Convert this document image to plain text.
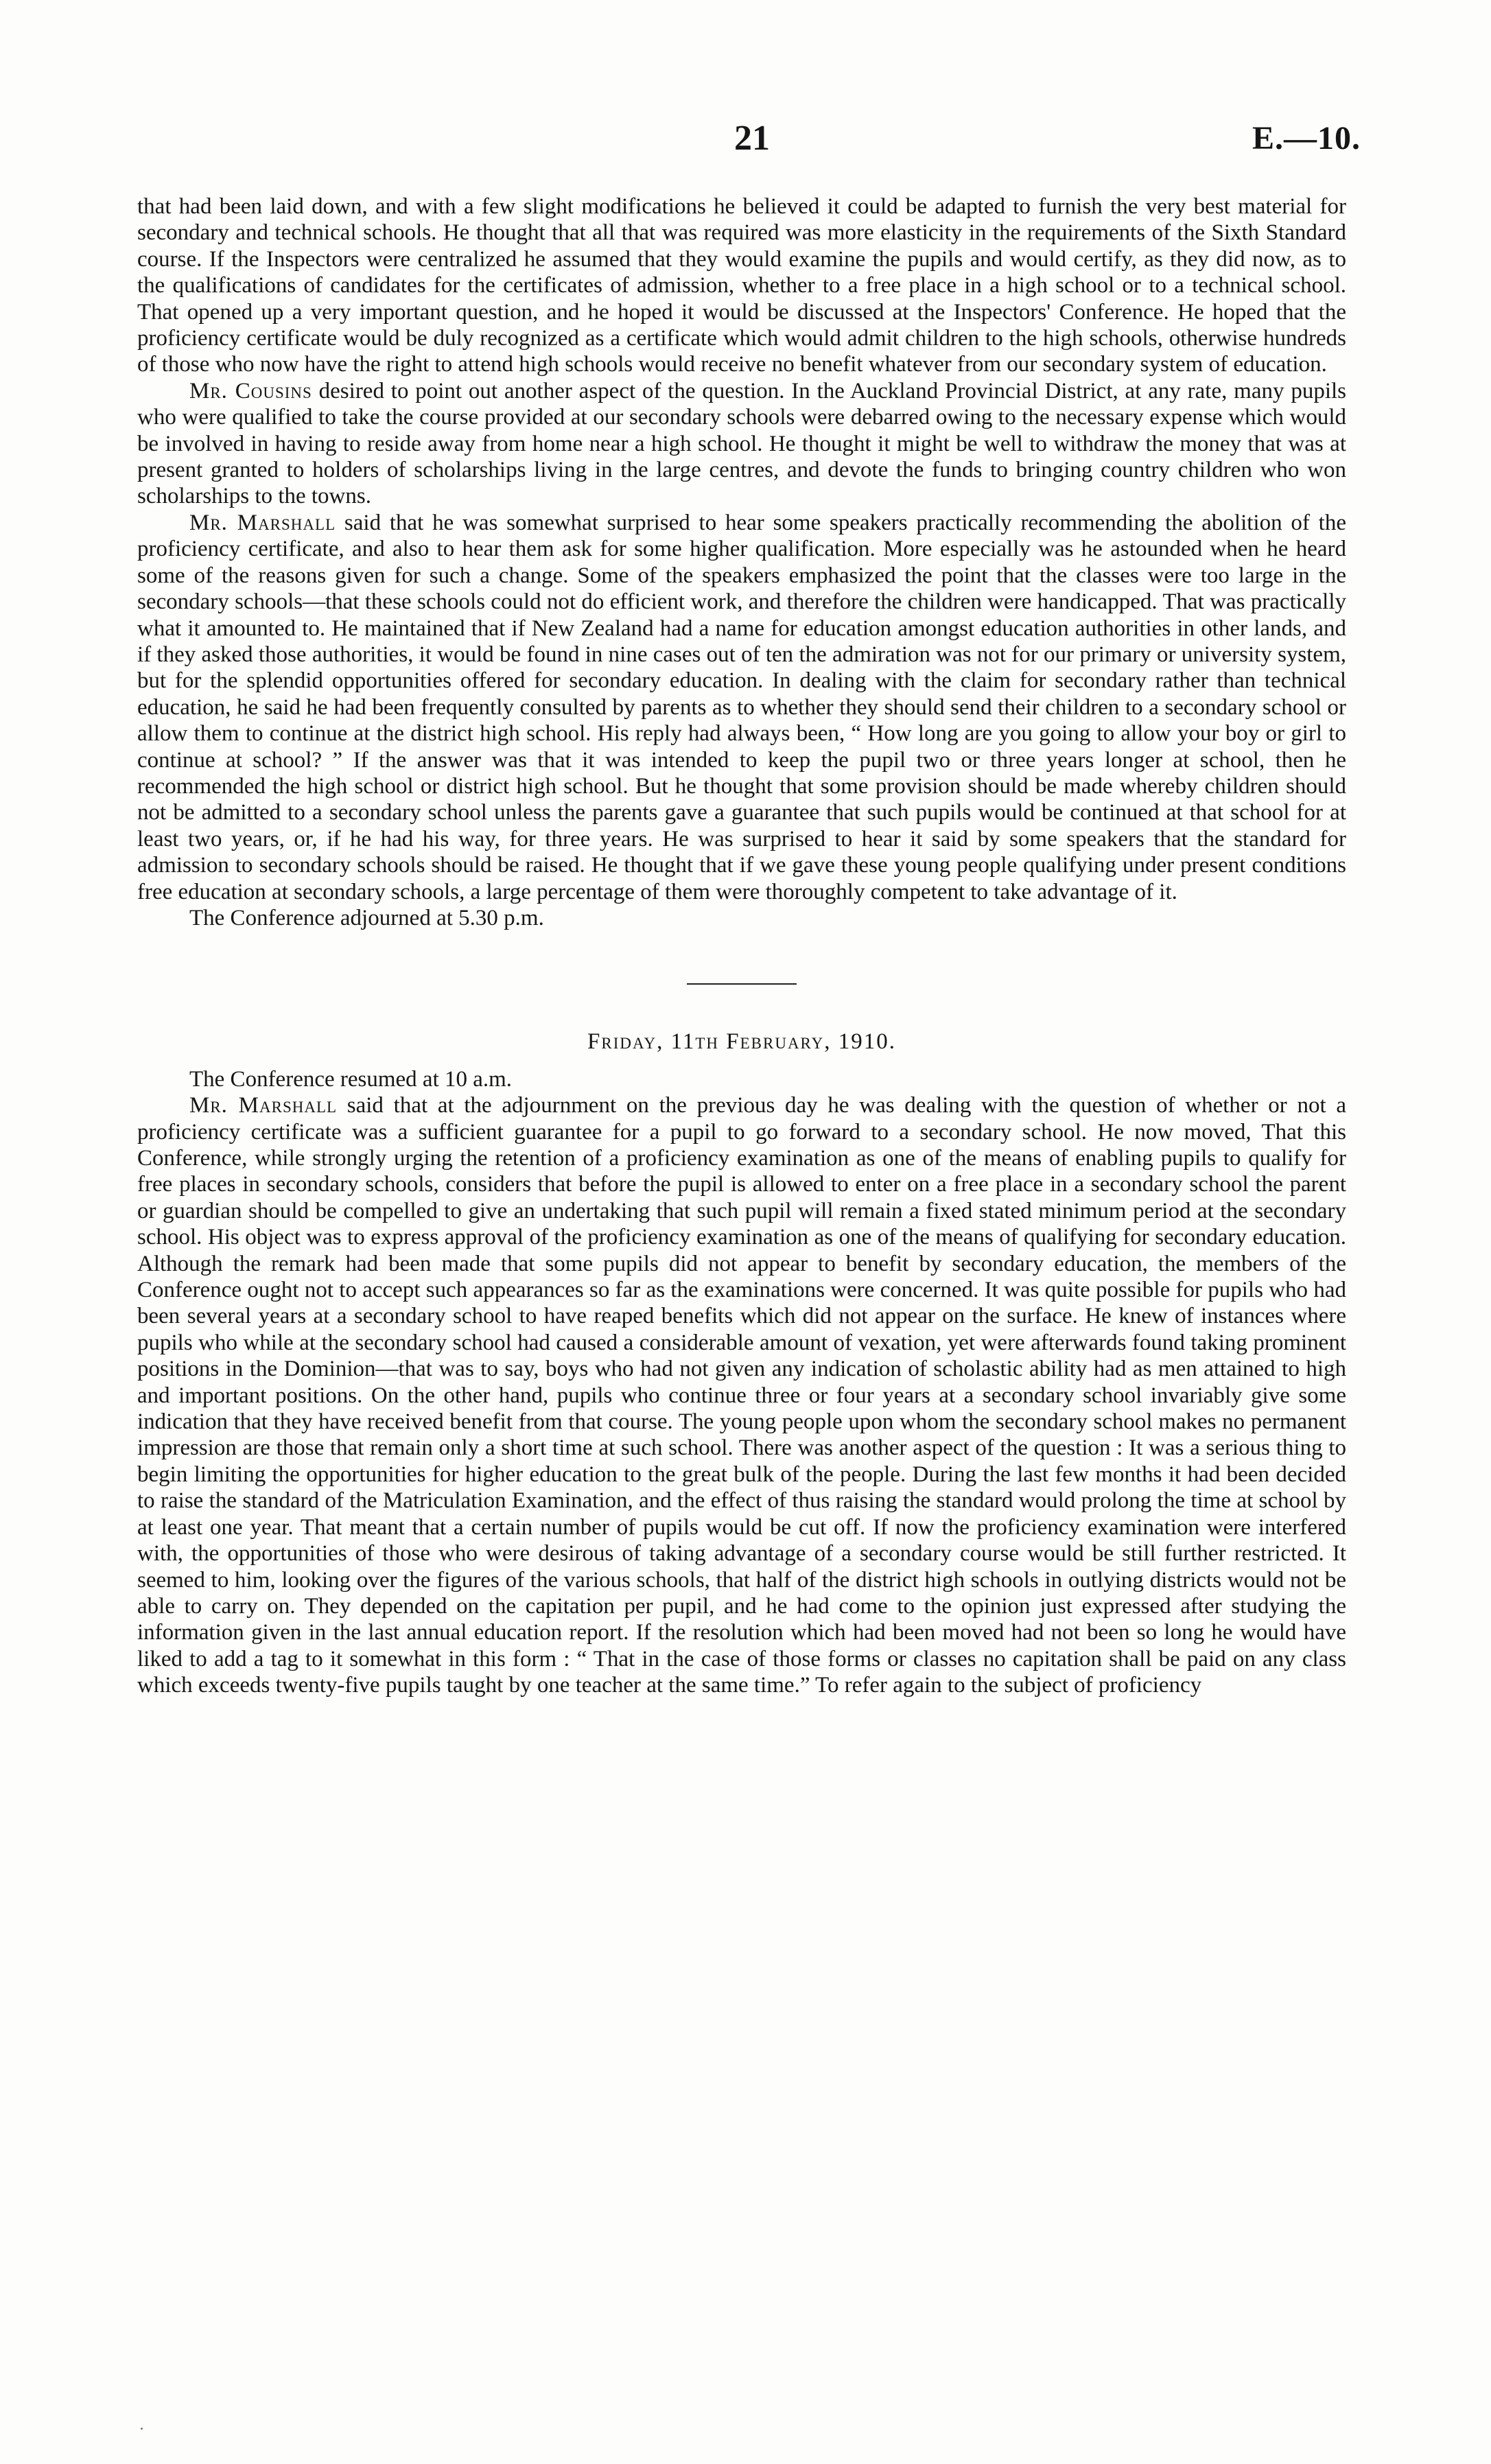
21	E.—10.

that had been laid down, and with a few slight modifications he believed it could be adapted to furnish the very best material for secondary and technical schools. He thought that all that was required was more elasticity in the requirements of the Sixth Standard course. If the Inspectors were centralized he assumed that they would examine the pupils and would certify, as they did now, as to the qualifications of candidates for the certificates of admission, whether to a free place in a high school or to a technical school. That opened up a very important question, and he hoped it would be discussed at the Inspectors' Conference. He hoped that the proficiency certificate would be duly recognized as a certificate which would admit children to the high schools, otherwise hundreds of those who now have the right to attend high schools would receive no benefit whatever from our secondary system of education.

Mr. Cousins desired to point out another aspect of the question. In the Auckland Provincial District, at any rate, many pupils who were qualified to take the course provided at our secondary schools were debarred owing to the necessary expense which would be involved in having to reside away from home near a high school. He thought it might be well to withdraw the money that was at present granted to holders of scholarships living in the large centres, and devote the funds to bringing country children who won scholarships to the towns.

Mr. Marshall said that he was somewhat surprised to hear some speakers practically recommending the abolition of the proficiency certificate, and also to hear them ask for some higher qualification. More especially was he astounded when he heard some of the reasons given for such a change. Some of the speakers emphasized the point that the classes were too large in the secondary schools—that these schools could not do efficient work, and therefore the children were handicapped. That was practically what it amounted to. He maintained that if New Zealand had a name for education amongst education authorities in other lands, and if they asked those authorities, it would be found in nine cases out of ten the admiration was not for our primary or university system, but for the splendid opportunities offered for secondary education. In dealing with the claim for secondary rather than technical education, he said he had been frequently consulted by parents as to whether they should send their children to a secondary school or allow them to continue at the district high school. His reply had always been, “ How long are you going to allow your boy or girl to continue at school? ” If the answer was that it was intended to keep the pupil two or three years longer at school, then he recommended the high school or district high school. But he thought that some provision should be made whereby children should not be admitted to a secondary school unless the parents gave a guarantee that such pupils would be continued at that school for at least two years, or, if he had his way, for three years. He was surprised to hear it said by some speakers that the standard for admission to secondary schools should be raised. He thought that if we gave these young people qualifying under present conditions free education at secondary schools, a large percentage of them were thoroughly competent to take advantage of it.

The Conference adjourned at 5.30 p.m.

Friday, 11th February, 1910.

The Conference resumed at 10 a.m.

Mr. Marshall said that at the adjournment on the previous day he was dealing with the question of whether or not a proficiency certificate was a sufficient guarantee for a pupil to go forward to a secondary school. He now moved, That this Conference, while strongly urging the retention of a proficiency examination as one of the means of enabling pupils to qualify for free places in secondary schools, considers that before the pupil is allowed to enter on a free place in a secondary school the parent or guardian should be compelled to give an undertaking that such pupil will remain a fixed stated minimum period at the secondary school. His object was to express approval of the proficiency examination as one of the means of qualifying for secondary education. Although the remark had been made that some pupils did not appear to benefit by secondary education, the members of the Conference ought not to accept such appearances so far as the examinations were concerned. It was quite possible for pupils who had been several years at a secondary school to have reaped benefits which did not appear on the surface. He knew of instances where pupils who while at the secondary school had caused a considerable amount of vexation, yet were afterwards found taking prominent positions in the Dominion—that was to say, boys who had not given any indication of scholastic ability had as men attained to high and important positions. On the other hand, pupils who continue three or four years at a secondary school invariably give some indication that they have received benefit from that course. The young people upon whom the secondary school makes no permanent impression are those that remain only a short time at such school. There was another aspect of the question : It was a serious thing to begin limiting the opportunities for higher education to the great bulk of the people. During the last few months it had been decided to raise the standard of the Matriculation Examination, and the effect of thus raising the standard would prolong the time at school by at least one year. That meant that a certain number of pupils would be cut off. If now the proficiency examination were interfered with, the opportunities of those who were desirous of taking advantage of a secondary course would be still further restricted. It seemed to him, looking over the figures of the various schools, that half of the district high schools in outlying districts would not be able to carry on. They depended on the capitation per pupil, and he had come to the opinion just expressed after studying the information given in the last annual education report. If the resolution which had been moved had not been so long he would have liked to add a tag to it somewhat in this form : “ That in the case of those forms or classes no capitation shall be paid on any class which exceeds twenty-five pupils taught by one teacher at the same time.” To refer again to the subject of proficiency
